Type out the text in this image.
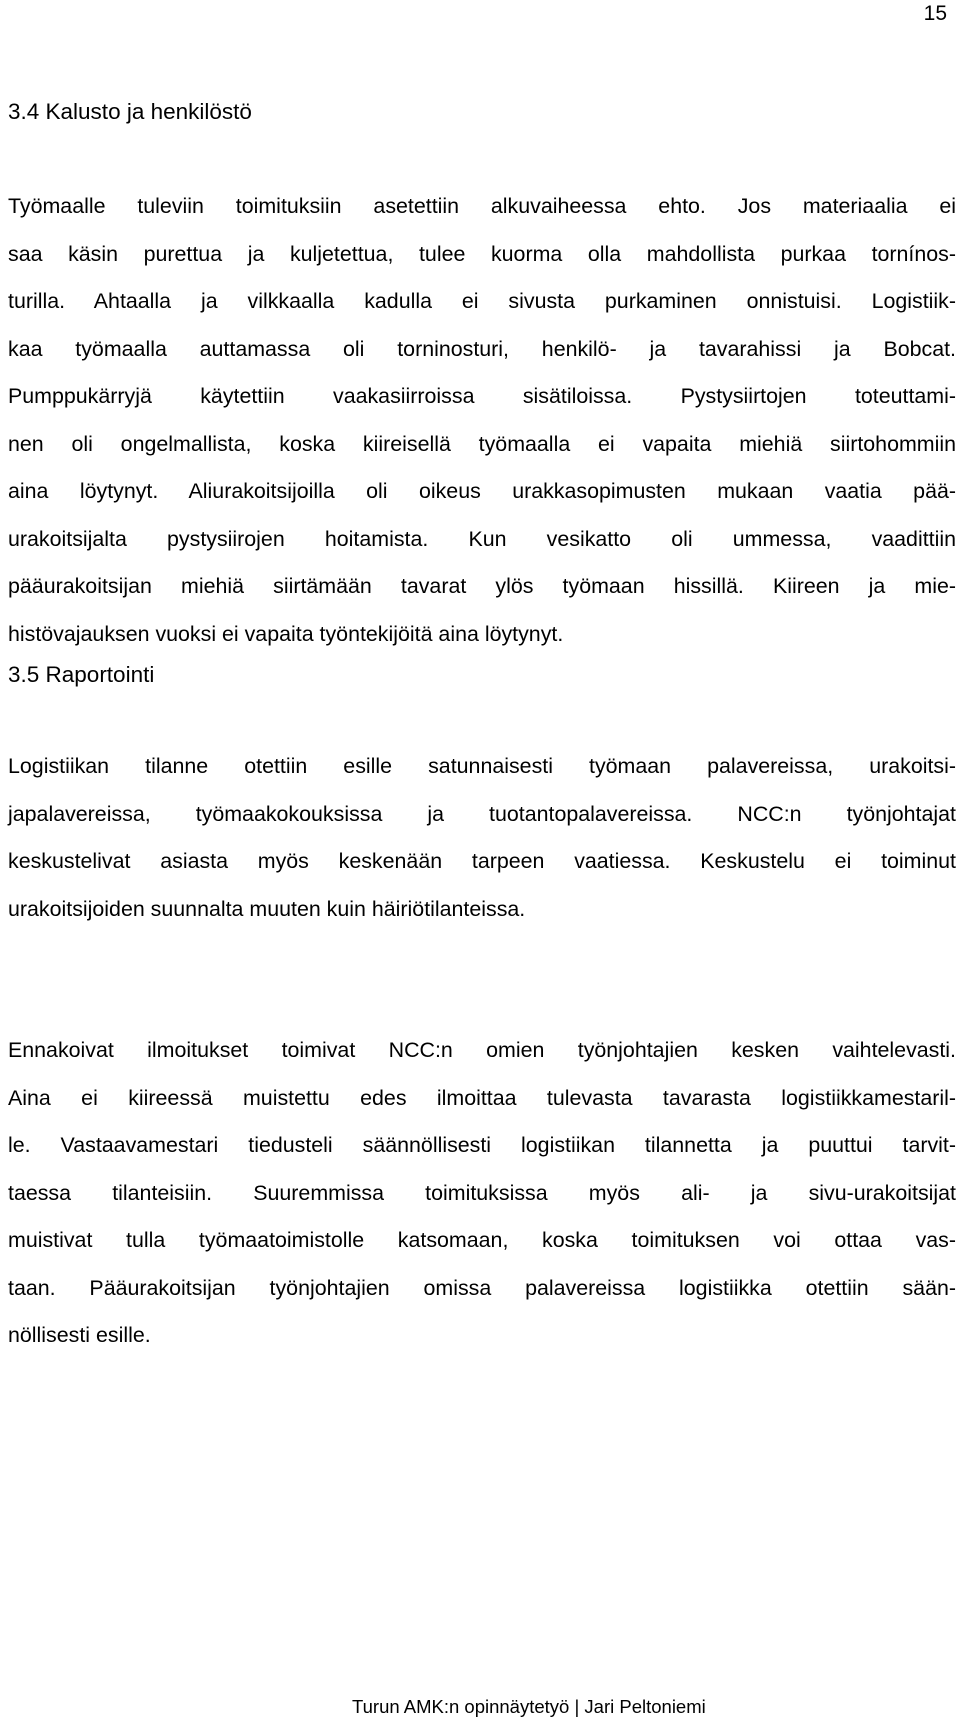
15
3.4 Kalusto ja henkilöstö
Työmaalle tuleviin toimituksiin asetettiin alkuvaiheessa ehto. Jos materiaalia ei
saa käsin purettua ja kuljetettua, tulee kuorma olla mahdollista purkaa tornínos-
turilla. Ahtaalla ja vilkkaalla kadulla ei sivusta purkaminen onnistuisi. Logistiik-
kaa työmaalla auttamassa oli torninosturi, henkilö- ja tavarahissi ja Bobcat.
Pumppukärryjä käytettiin vaakasiirroissa sisätiloissa. Pystysiirtojen toteuttami-
nen oli ongelmallista, koska kiireisellä työmaalla ei vapaita miehiä siirtohommiin
aina löytynyt. Aliurakoitsijoilla oli oikeus urakkasopimusten mukaan vaatia pää-
urakoitsijalta pystysiirojen hoitamista. Kun vesikatto oli ummessa, vaadittiin
pääurakoitsijan miehiä siirtämään tavarat ylös työmaan hissillä. Kiireen ja mie-
histövajauksen vuoksi ei vapaita työntekijöitä aina löytynyt.
3.5 Raportointi
Logistiikan tilanne otettiin esille satunnaisesti työmaan palavereissa, urakoitsi-
japalavereissa, työmaakokouksissa ja tuotantopalavereissa. NCC:n työnjohtajat
keskustelivat asiasta myös keskenään tarpeen vaatiessa. Keskustelu ei toiminut
urakoitsijoiden suunnalta muuten kuin häiriötilanteissa.
Ennakoivat ilmoitukset toimivat NCC:n omien työnjohtajien kesken vaihtelevasti.
Aina ei kiireessä muistettu edes ilmoittaa tulevasta tavarasta logistiikkamestaril-
le. Vastaavamestari tiedusteli säännöllisesti logistiikan tilannetta ja puuttui tarvit-
taessa tilanteisiin. Suuremmissa toimituksissa myös ali- ja sivu-urakoitsijat
muistivat tulla työmaatoimistolle katsomaan, koska toimituksen voi ottaa vas-
taan. Pääurakoitsijan työnjohtajien omissa palavereissa logistiikka otettiin sään-
nöllisesti esille.
Turun AMK:n opinnäytetyö | Jari Peltoniemi
